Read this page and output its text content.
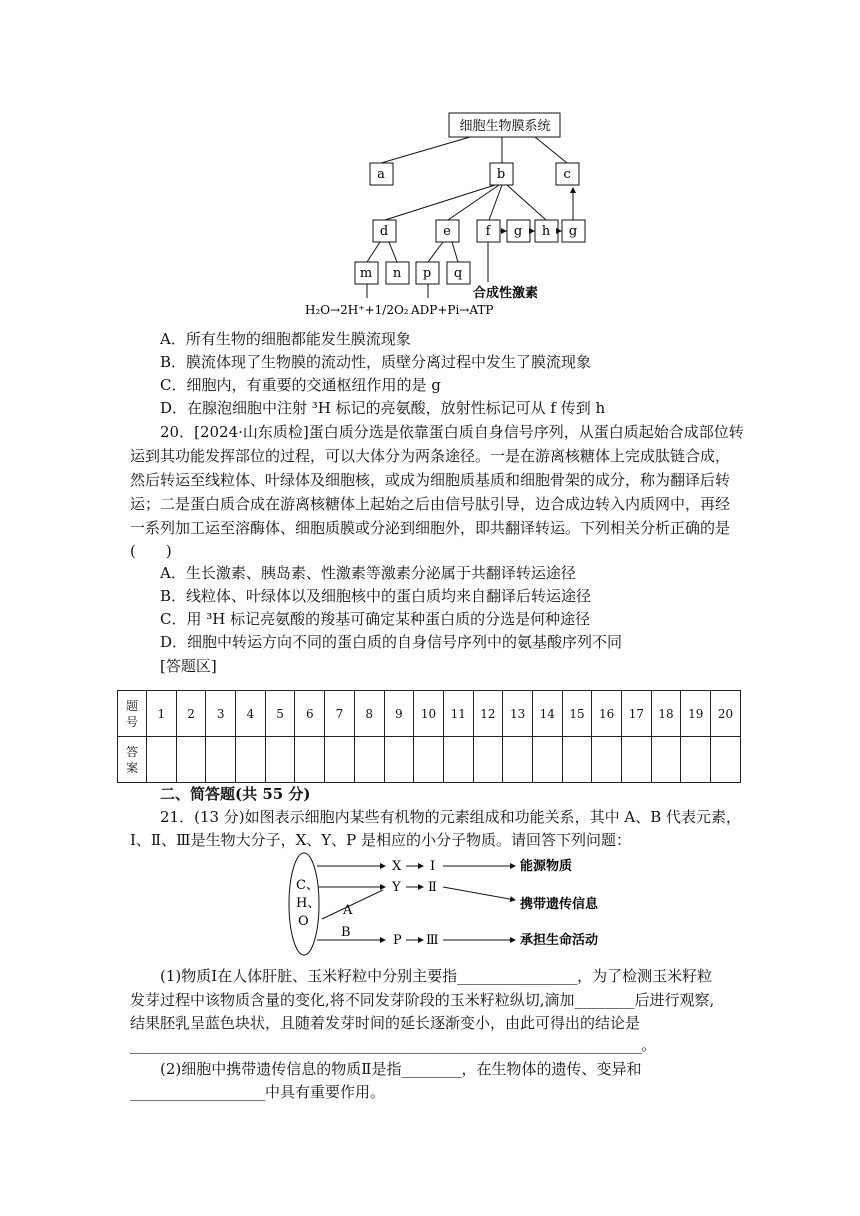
细胞生物膜系统
a	b	c
d	e	f g h g
m n p q
H₂O→2H⁺+1/2O₂ ADP+Pi→ATP
合成性激素
A．所有生物的细胞都能发生膜流现象
B．膜流体现了生物膜的流动性，质壁分离过程中发生了膜流现象
C．细胞内，有重要的交通枢纽作用的是 g
D．在腺泡细胞中注射 ³H 标记的亮氨酸，放射性标记可从 f 传到 h
20．[2024·山东质检]蛋白质分选是依靠蛋白质自身信号序列，从蛋白质起始合成部位转
运到其功能发挥部位的过程，可以大体分为两条途径。一是在游离核糖体上完成肽链合成，
然后转运至线粒体、叶绿体及细胞核，或成为细胞质基质和细胞骨架的成分，称为翻译后转
运；二是蛋白质合成在游离核糖体上起始之后由信号肽引导，边合成边转入内质网中，再经
一系列加工运至溶酶体、细胞质膜或分泌到细胞外，即共翻译转运。下列相关分析正确的是
(　　)
A．生长激素、胰岛素、性激素等激素分泌属于共翻译转运途径
B．线粒体、叶绿体以及细胞核中的蛋白质均来自翻译后转运途径
C．用 ³H 标记亮氨酸的羧基可确定某种蛋白质的分选是何种途径
D．细胞中转运方向不同的蛋白质的自身信号序列中的氨基酸序列不同
[答题区]
题
号	1	2	3	4	5	6	7	8	9	10	11	12	13	14	15	16	17	18	19	20
答
案																				
二、简答题(共 55 分)
21．(13 分)如图表示细胞内某些有机物的元素组成和功能关系，其中 A、B 代表元素，
Ⅰ、Ⅱ、Ⅲ是生物大分子，X、Y、P 是相应的小分子物质。请回答下列问题：
C、
H、
O
X Ⅰ
Y Ⅱ
P Ⅲ
A
B
能源物质
携带遗传信息
承担生命活动
(1)物质Ⅰ在人体肝脏、玉米籽粒中分别主要指________________，为了检测玉米籽粒
发芽过程中该物质含量的变化,将不同发芽阶段的玉米籽粒纵切,滴加________后进行观察,
结果胚乳呈蓝色块状，且随着发芽时间的延长逐渐变小，由此可得出的结论是
________________________________________________________________________。
(2)细胞中携带遗传信息的物质Ⅱ是指________，在生物体的遗传、变异和
__________________中具有重要作用。
